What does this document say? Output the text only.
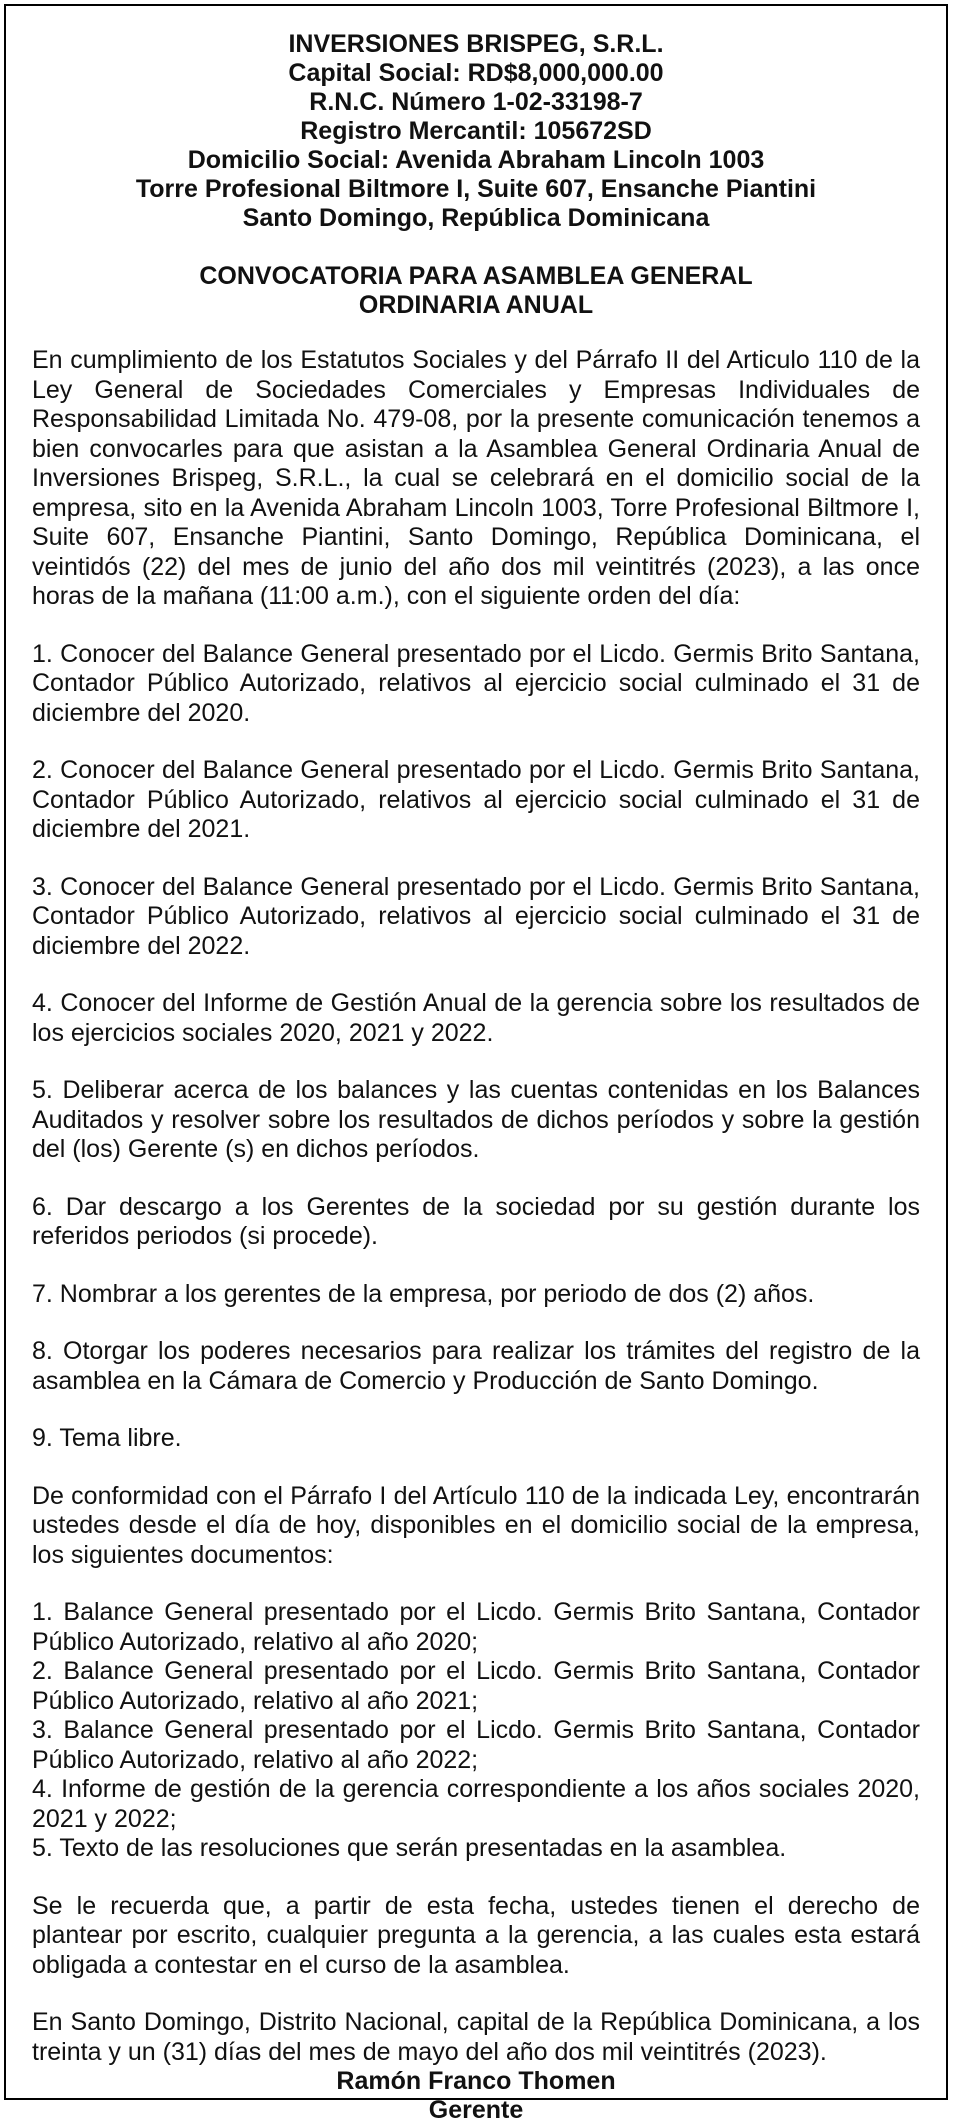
INVERSIONES BRISPEG, S.R.L.
Capital Social: RD$8,000,000.00
R.N.C. Número 1-02-33198-7
Registro Mercantil: 105672SD
Domicilio Social: Avenida Abraham Lincoln 1003
Torre Profesional Biltmore I, Suite 607, Ensanche Piantini
Santo Domingo, República Dominicana
CONVOCATORIA PARA ASAMBLEA GENERAL
ORDINARIA ANUAL

En cumplimiento de los Estatutos Sociales y del Párrafo II del Articulo 110 de la Ley General de Sociedades Comerciales y Empresas Individuales de Responsabilidad Limitada No. 479-08, por la presente comunicación tenemos a bien convocarles para que asistan a la Asamblea General Ordinaria Anual de Inversiones Brispeg, S.R.L., la cual se celebrará en el domicilio social de la empresa, sito en la Avenida Abraham Lincoln 1003, Torre Profesional Biltmore I, Suite 607, Ensanche Piantini, Santo Domingo, República Dominicana, el veintidós (22) del mes de junio del año dos mil veintitrés (2023), a las once horas de la mañana (11:00 a.m.), con el siguiente orden del día:

1. Conocer del Balance General presentado por el Licdo. Germis Brito Santana, Contador Público Autorizado, relativos al ejercicio social culminado el 31 de diciembre del 2020.

2. Conocer del Balance General presentado por el Licdo. Germis Brito Santana, Contador Público Autorizado, relativos al ejercicio social culminado el 31 de diciembre del 2021.

3. Conocer del Balance General presentado por el Licdo. Germis Brito Santana, Contador Público Autorizado, relativos al ejercicio social culminado el 31 de diciembre del 2022.

4. Conocer del Informe de Gestión Anual de la gerencia sobre los resultados de los ejercicios sociales 2020, 2021 y 2022.

5. Deliberar acerca de los balances y las cuentas contenidas en los Balances Auditados y resolver sobre los resultados de dichos períodos y sobre la gestión del (los) Gerente (s) en dichos períodos.

6. Dar descargo a los Gerentes de la sociedad por su gestión durante los referidos periodos (si procede).

7. Nombrar a los gerentes de la empresa, por periodo de dos (2) años.

8. Otorgar los poderes necesarios para realizar los trámites del registro de la asamblea en la Cámara de Comercio y Producción de Santo Domingo.

9. Tema libre.

De conformidad con el Párrafo I del Artículo 110 de la indicada Ley, encontrarán ustedes desde el día de hoy, disponibles en el domicilio social de la empresa, los siguientes documentos:

1. Balance General presentado por el Licdo. Germis Brito Santana, Contador Público Autorizado, relativo al año 2020;

2. Balance General presentado por el Licdo. Germis Brito Santana, Contador Público Autorizado, relativo al año 2021;

3. Balance General presentado por el Licdo. Germis Brito Santana, Contador Público Autorizado, relativo al año 2022;

4. Informe de gestión de la gerencia correspondiente a los años sociales 2020, 2021 y 2022;

5. Texto de las resoluciones que serán presentadas en la asamblea.

Se le recuerda que, a partir de esta fecha, ustedes tienen el derecho de plantear por escrito, cualquier pregunta a la gerencia, a las cuales esta estará obligada a contestar en el curso de la asamblea.

En Santo Domingo, Distrito Nacional, capital de la República Dominicana, a los treinta y un (31) días del mes de mayo del año dos mil veintitrés (2023).

Ramón Franco Thomen
Gerente
